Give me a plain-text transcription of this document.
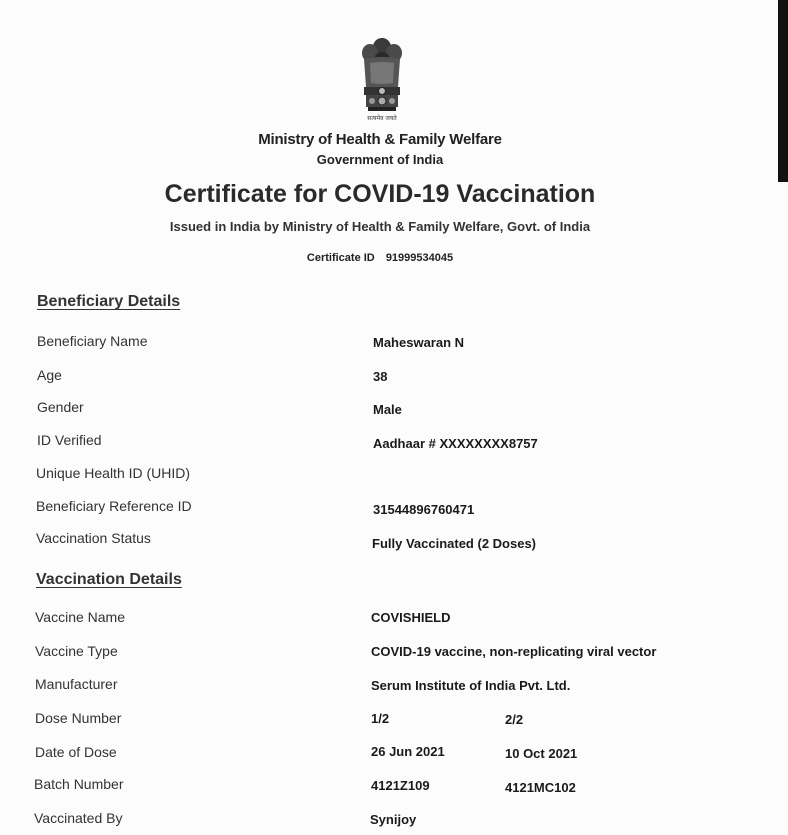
सत्यमेव जयते
Ministry of Health & Family Welfare
Government of India
Certificate for COVID-19 Vaccination
Issued in India by Ministry of Health & Family Welfare, Govt. of India
Certificate ID 91999534045
Beneficiary Details
Beneficiary Name	Maheswaran N
Age	38
Gender	Male
ID Verified	Aadhaar # XXXXXXXX8757
Unique Health ID (UHID)
Beneficiary Reference ID	31544896760471
Vaccination Status	Fully Vaccinated (2 Doses)
Vaccination Details
Vaccine Name	COVISHIELD
Vaccine Type	COVID-19 vaccine, non-replicating viral vector
Manufacturer	Serum Institute of India Pvt. Ltd.
Dose Number	1/2	2/2
Date of Dose	26 Jun 2021	10 Oct 2021
Batch Number	4121Z109	4121MC102
Vaccinated By	Synijoy
